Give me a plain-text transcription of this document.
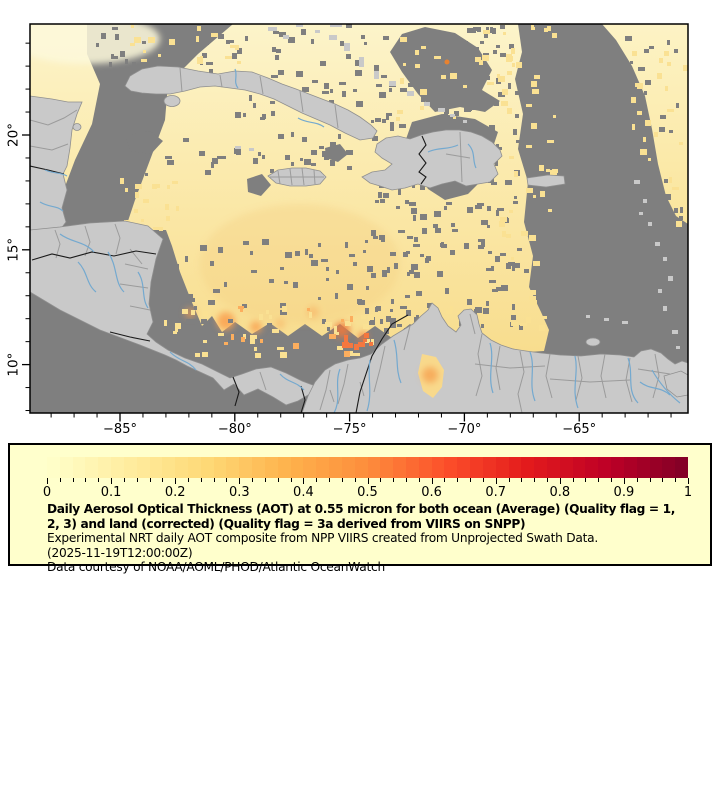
−85°	−80°	−75°	−70°	−65°
20°
15°
10°
0	0.1	0.2	0.3	0.4	0.5	0.6	0.7	0.8	0.9	1
Daily Aerosol Optical Thickness (AOT) at 0.55 micron for both ocean (Average) (Quality flag = 1,
2, 3) and land (corrected) (Quality flag = 3a derived from VIIRS on SNPP)
Experimental NRT daily AOT composite from NPP VIIRS created from Unprojected Swath Data.
(2025-11-19T12:00:00Z)
Data courtesy of NOAA/AOML/PHOD/Atlantic OceanWatch
